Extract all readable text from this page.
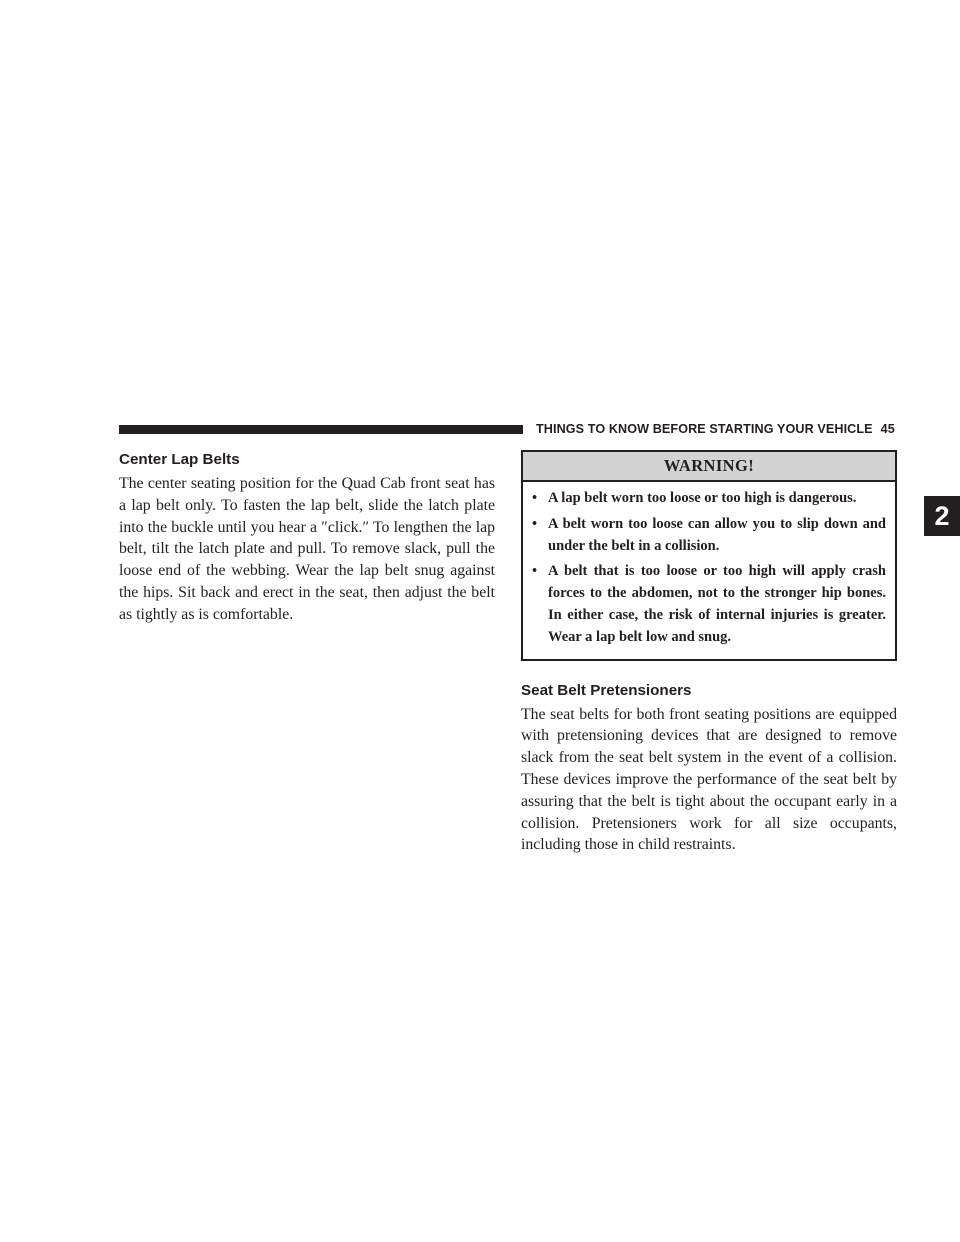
THINGS TO KNOW BEFORE STARTING YOUR VEHICLE 45
2
Center Lap Belts

The center seating position for the Quad Cab front seat has a lap belt only. To fasten the lap belt, slide the latch plate into the buckle until you hear a ″click.″ To lengthen the lap belt, tilt the latch plate and pull. To remove slack, pull the loose end of the webbing. Wear the lap belt snug against the hips. Sit back and erect in the seat, then adjust the belt as tightly as is comfortable.

WARNING!
• A lap belt worn too loose or too high is dangerous.
• A belt worn too loose can allow you to slip down and under the belt in a collision.
• A belt that is too loose or too high will apply crash forces to the abdomen, not to the stronger hip bones. In either case, the risk of internal injuries is greater. Wear a lap belt low and snug.
Seat Belt Pretensioners

The seat belts for both front seating positions are equipped with pretensioning devices that are designed to remove slack from the seat belt system in the event of a collision. These devices improve the performance of the seat belt by assuring that the belt is tight about the occupant early in a collision. Pretensioners work for all size occupants, including those in child restraints.
